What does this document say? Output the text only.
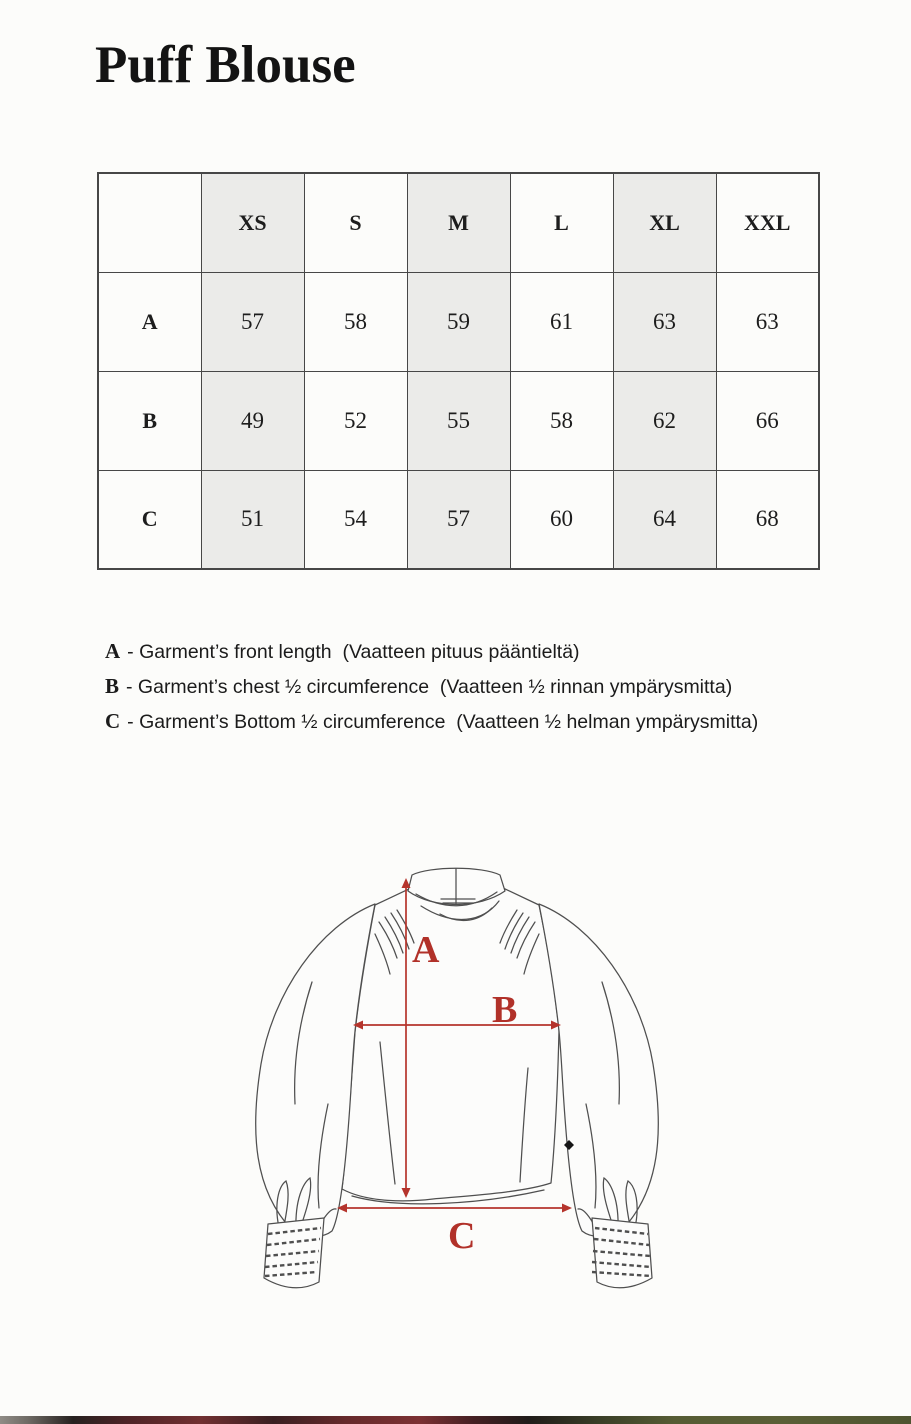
Puff Blouse
	XS	S	M	L	XL	XXL
A	57	58	59	61	63	63
B	49	52	55	58	62	66
C	51	54	57	60	64	68
A - Garment’s front length  (Vaatteen pituus pääntieltä)
B - Garment’s chest ½ circumference  (Vaatteen ½ rinnan ympärysmitta)
C - Garment’s Bottom ½ circumference  (Vaatteen ½ helman ympärysmitta)
A
B
C
